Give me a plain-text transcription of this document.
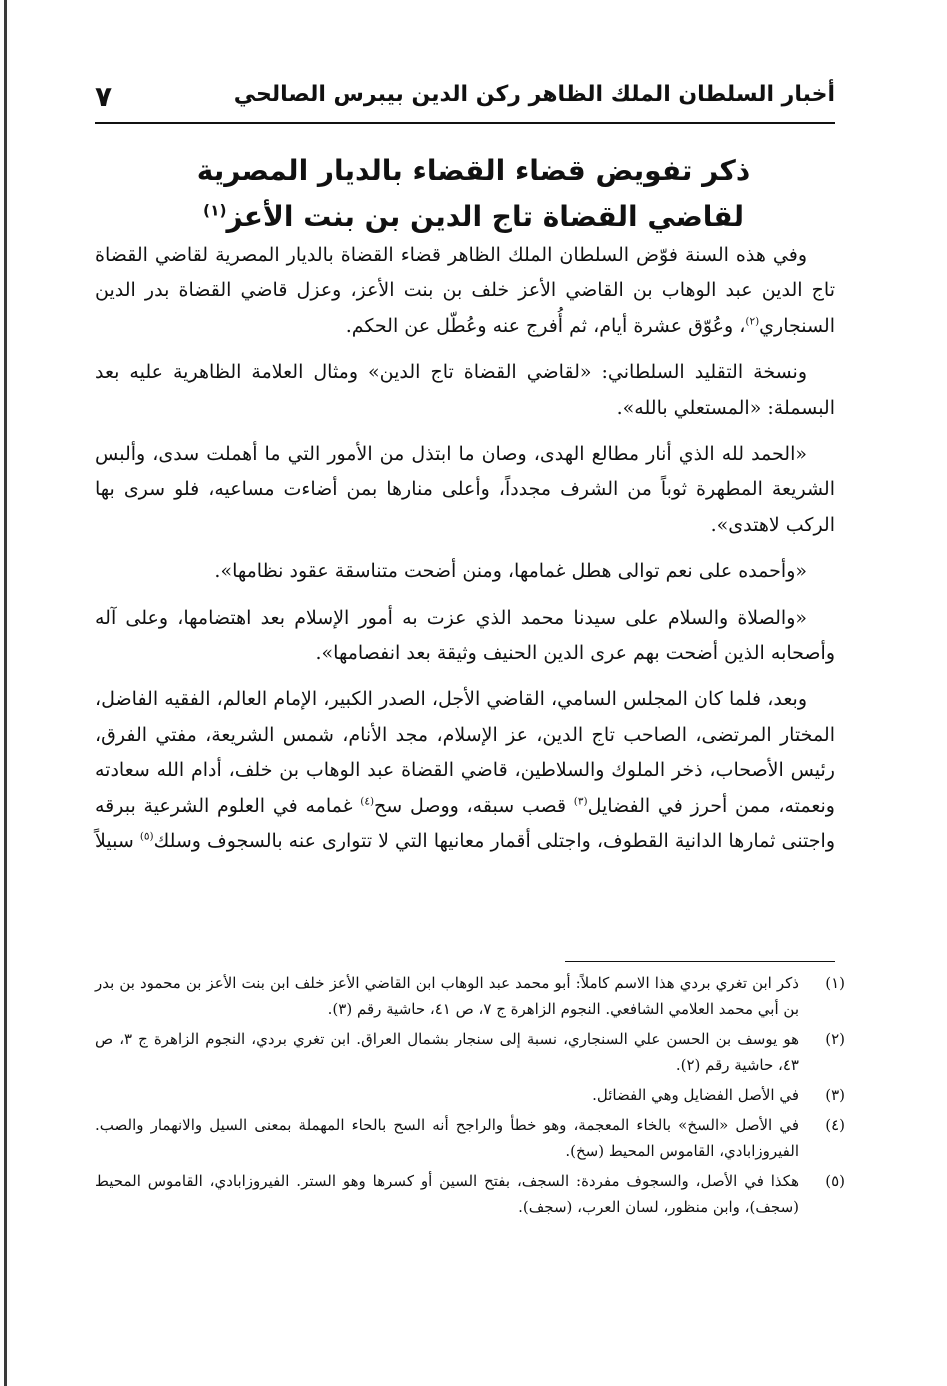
أخبار السلطان الملك الظاهر ركن الدين بيبرس الصالحي
٧
ذكر تفويض قضاء القضاء بالديار المصرية
لقاضي القضاة تاج الدين بن بنت الأعز$^{(١)}$

وفي هذه السنة فوّض السلطان الملك الظاهر قضاء القضاة بالديار المصرية لقاضي القضاة تاج الدين عبد الوهاب بن القاضي الأعز خلف بن بنت الأعز، وعزل قاضي القضاة بدر الدين السنجاري$^{(٢)}$، وعُوّق عشرة أيام، ثم أُفرج عنه وعُطّل عن الحكم.

ونسخة التقليد السلطاني: «لقاضي القضاة تاج الدين» ومثال العلامة الظاهرية عليه بعد البسملة: «المستعلي بالله».

«الحمد لله الذي أنار مطالع الهدى، وصان ما ابتذل من الأمور التي ما أهملت سدى، وألبس الشريعة المطهرة ثوباً من الشرف مجدداً، وأعلى منارها بمن أضاءت مساعيه، فلو سرى بها الركب لاهتدى».

«وأحمده على نعم توالى هطل غمامها، ومنن أضحت متناسقة عقود نظامها».

«والصلاة والسلام على سيدنا محمد الذي عزت به أمور الإسلام بعد اهتضامها، وعلى آله وأصحابه الذين أضحت بهم عرى الدين الحنيف وثيقة بعد انفصامها».

وبعد، فلما كان المجلس السامي، القاضي الأجل، الصدر الكبير، الإمام العالم، الفقيه الفاضل، المختار المرتضى، الصاحب تاج الدين، عز الإسلام، مجد الأنام، شمس الشريعة، مفتي الفرق، رئيس الأصحاب، ذخر الملوك والسلاطين، قاضي القضاة عبد الوهاب بن خلف، أدام الله سعادته ونعمته، ممن أحرز في الفضايل$^{(٣)}$ قصب سبقه، ووصل سح$^{(٤)}$ غمامه في العلوم الشرعية ببرقه واجتنى ثمارها الدانية القطوف، واجتلى أقمار معانيها التي لا تتوارى عنه بالسجوف وسلك$^{(٥)}$ سبيلاً

(١)
ذكر ابن تغري بردي هذا الاسم كاملاً: أبو محمد عبد الوهاب ابن القاضي الأعز خلف ابن بنت الأعز بن محمود بن بدر بن أبي محمد العلامي الشافعي. النجوم الزاهرة ج ٧، ص ٤١، حاشية رقم (٣).
(٢)
هو يوسف بن الحسن علي السنجاري، نسبة إلى سنجار بشمال العراق. ابن تغري بردي، النجوم الزاهرة ج ٣، ص ٤٣، حاشية رقم (٢).
(٣)
في الأصل الفضايل وهي الفضائل.
(٤)
في الأصل «السخ» بالخاء المعجمة، وهو خطأ والراجح أنه السح بالحاء المهملة بمعنى السيل والانهمار والصب. الفيروزابادي، القاموس المحيط (سخ).
(٥)
هكذا في الأصل، والسجوف مفردة: السجف، بفتح السين أو كسرها وهو الستر. الفيروزابادي، القاموس المحيط (سجف)، وابن منظور، لسان العرب، (سجف).
